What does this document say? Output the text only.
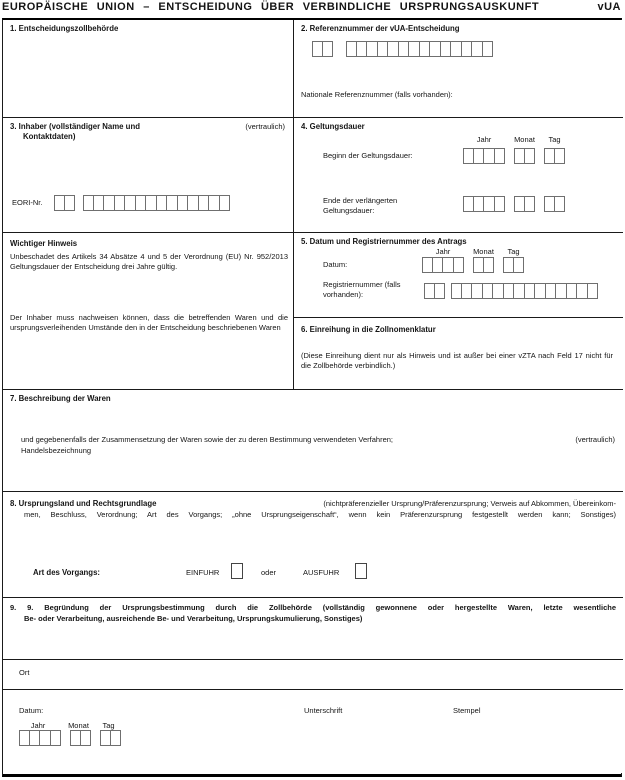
EUROPÄISCHE UNION – ENTSCHEIDUNG ÜBER VERBINDLICHE URSPRUNGSAUSKUNFT	vUA
1. Entscheidungszollbehörde	2. Referenznummer der vUA-Entscheidung
Nationale Referenznummer (falls vorhanden):
3. Inhaber (vollständiger Name und Kontaktdaten)
(vertraulich)
EORI-Nr.
4. Geltungsdauer
Jahr	Monat	Tag
Beginn der Geltungsdauer:
Ende der verlängerten Geltungsdauer:
Wichtiger Hinweis
Unbeschadet des Artikels 34 Absätze 4 und 5 der Verordnung (EU) Nr. 952/2013 Geltungsdauer der Entscheidung drei Jahre gültig.
Der Inhaber muss nachweisen können, dass die betreffenden Waren und die ursprungsverleihenden Umstände den in der Entscheidung beschriebenen Waren
5. Datum und Registriernummer des Antrags
Jahr	Monat	Tag
Datum:
Registriernummer (falls vorhanden):
6. Einreihung in die Zollnomenklatur
(Diese Einreihung dient nur als Hinweis und ist außer bei einer vZTA nach Feld 17 nicht für die Zollbehörde verbindlich.)
7. Beschreibung der Waren
und gegebenenfalls der Zusammensetzung der Waren sowie der zu deren Bestimmung verwendeten Verfahren;	(vertraulich)
Handelsbezeichnung
8. Ursprungsland und Rechtsgrundlage	(nichtpräferenzieller Ursprung/Präferenzursprung; Verweis auf Abkommen, Übereinkom-
men, Beschluss, Verordnung; Art des Vorgangs; „ohne Ursprungseigenschaft“, wenn kein Präferenzursprung festgestellt werden kann; Sonstiges)
Art des Vorgangs:	EINFUHR	oder	AUSFUHR
9. 9. Begründung der Ursprungsbestimmung durch die Zollbehörde (vollständig gewonnene oder hergestellte Waren, letzte wesentliche
Be- oder Verarbeitung, ausreichende Be- und Verarbeitung, Ursprungskumulierung, Sonstiges)
Ort
Datum:	Unterschrift	Stempel
Jahr	Monat	Tag
